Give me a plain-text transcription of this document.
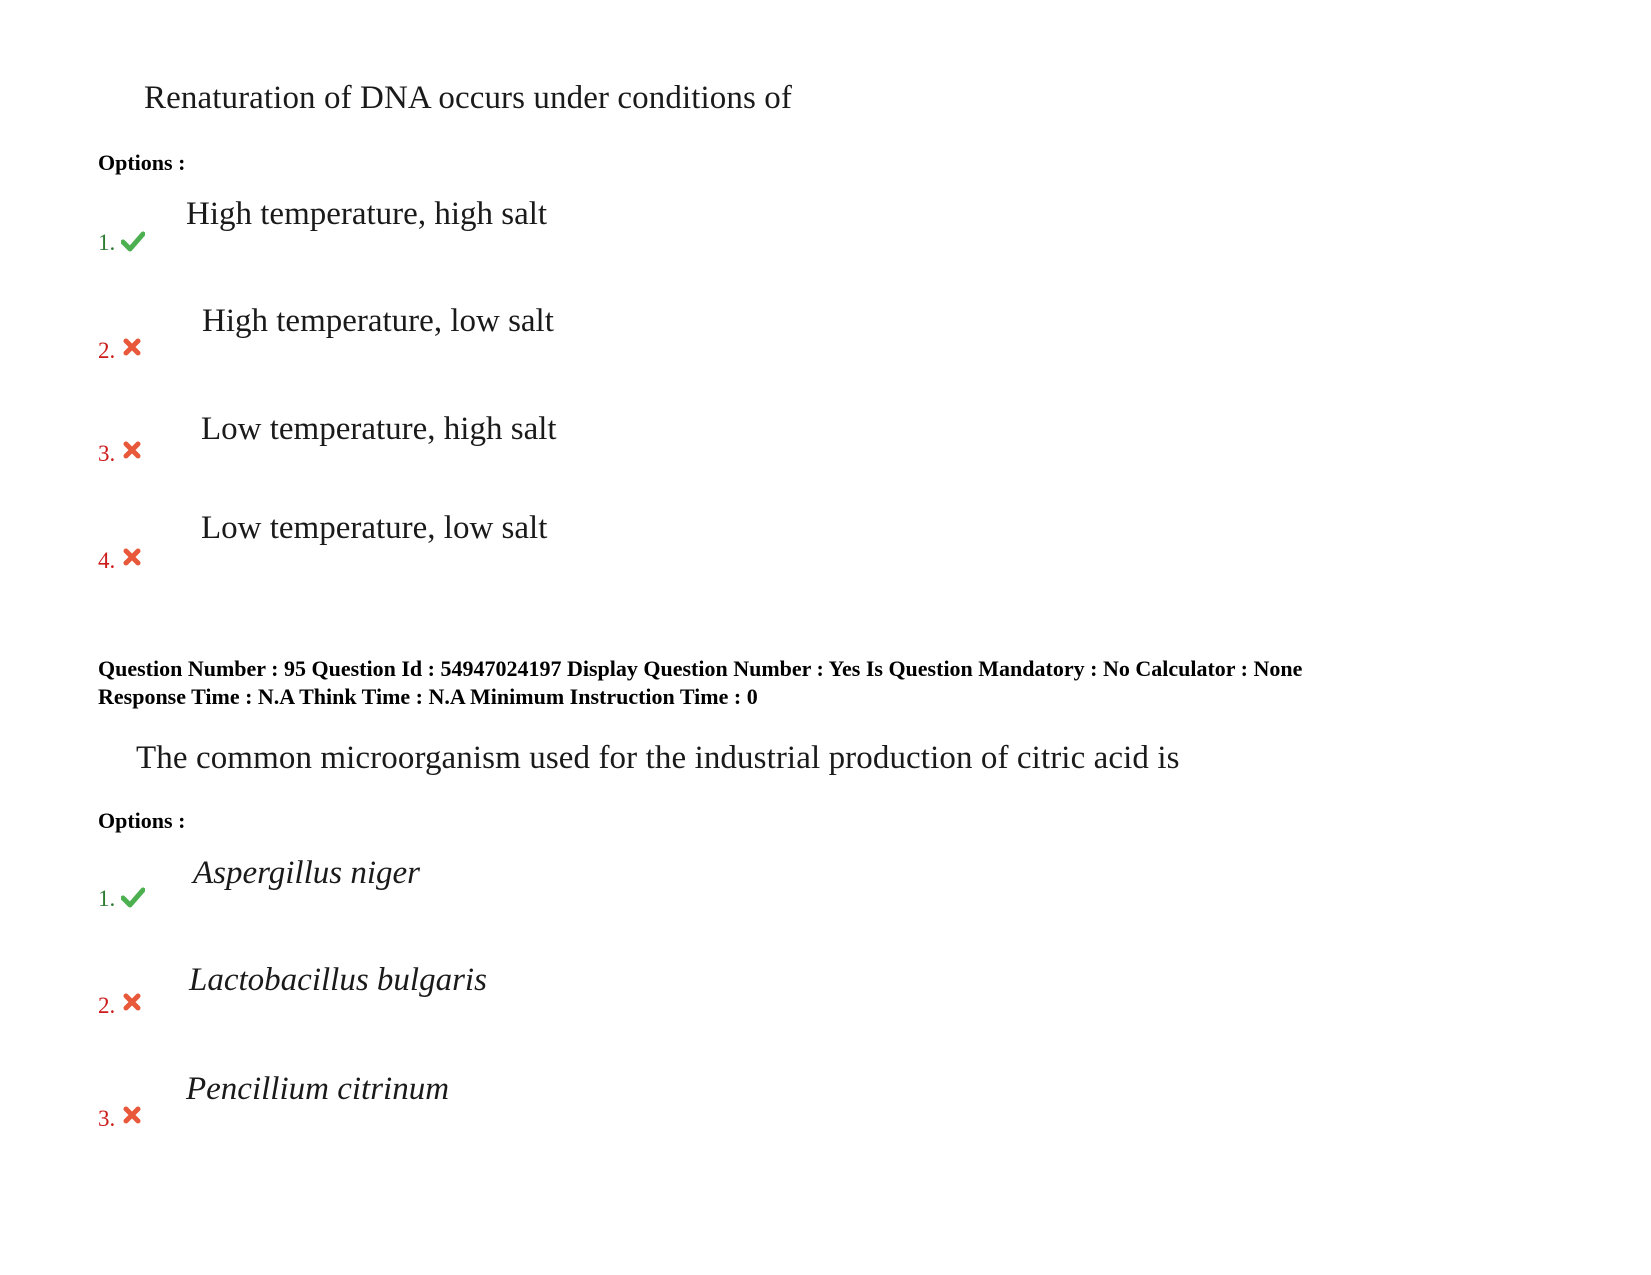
Renaturation of DNA occurs under conditions of
Options :
1.
High temperature, high salt
2.
High temperature, low salt
3.
Low temperature, high salt
4.
Low temperature, low salt
Question Number : 95 Question Id : 54947024197 Display Question Number : Yes Is Question Mandatory : No Calculator : None
Response Time : N.A Think Time : N.A Minimum Instruction Time : 0
The common microorganism used for the industrial production of citric acid is
Options :
1.
Aspergillus niger
2.
Lactobacillus bulgaris
3.
Pencillium citrinum
